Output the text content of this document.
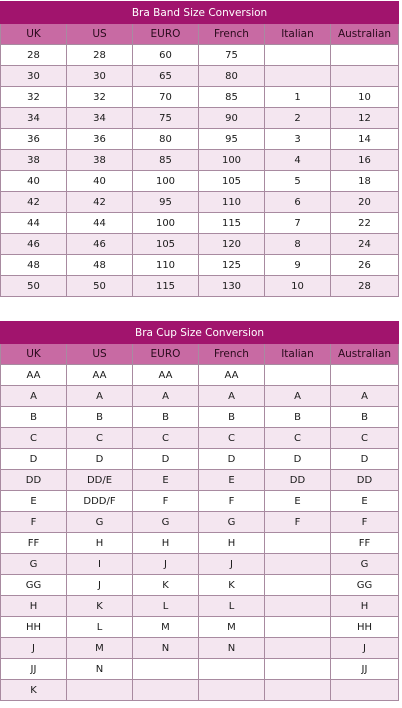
Bra Band Size Conversion					
UK	US	EURO	French	Italian	Australian
28	28	60	75		
30	30	65	80		
32	32	70	85	1	10
34	34	75	90	2	12
36	36	80	95	3	14
38	38	85	100	4	16
40	40	100	105	5	18
42	42	95	110	6	20
44	44	100	115	7	22
46	46	105	120	8	24
48	48	110	125	9	26
50	50	115	130	10	28
Bra Cup Size Conversion					
UK	US	EURO	French	Italian	Australian
AA	AA	AA	AA		
A	A	A	A	A	A
B	B	B	B	B	B
C	C	C	C	C	C
D	D	D	D	D	D
DD	DD/E	E	E	DD	DD
E	DDD/F	F	F	E	E
F	G	G	G	F	F
FF	H	H	H		FF
G	I	J	J		G
GG	J	K	K		GG
H	K	L	L		H
HH	L	M	M		HH
J	M	N	N		J
JJ	N				JJ
K					
